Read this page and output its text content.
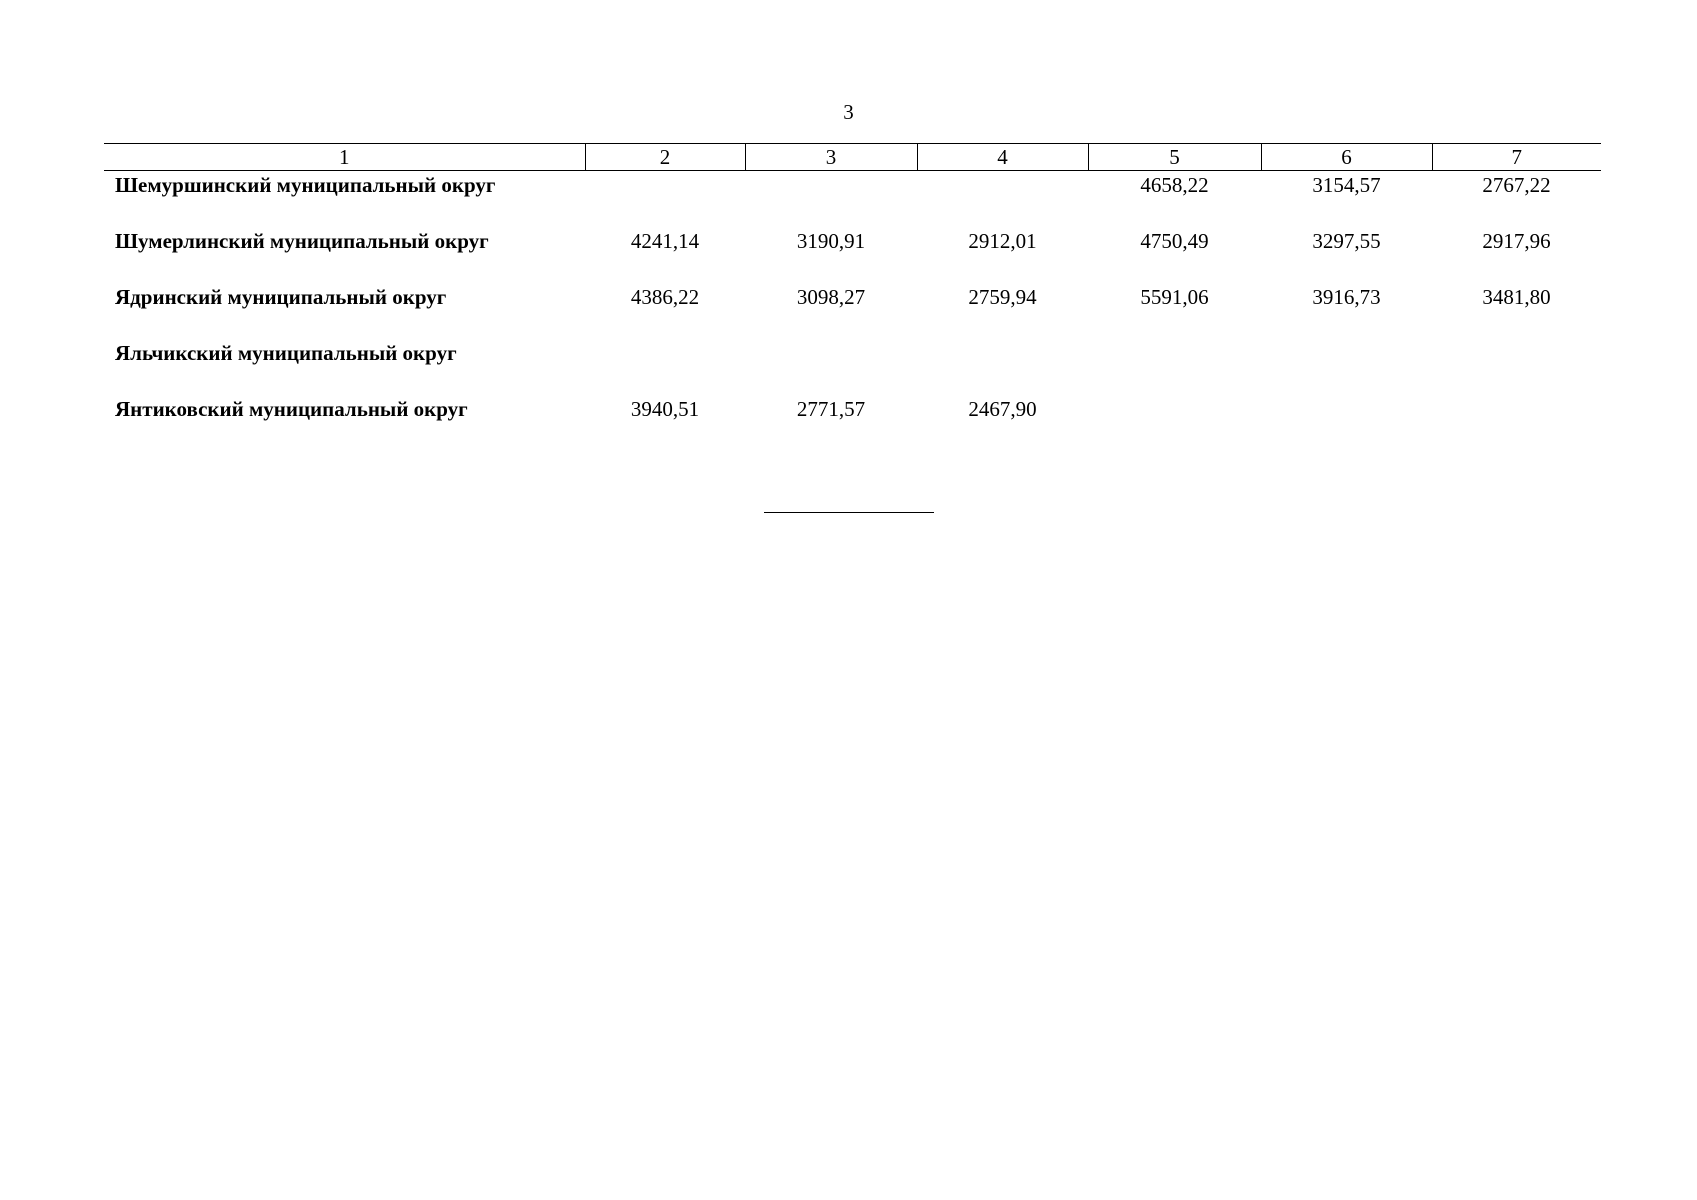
3
1	2	3	4	5	6	7
Шемуршинский муниципальный округ				4658,22	3154,57	2767,22
Шумерлинский муниципальный округ	4241,14	3190,91	2912,01	4750,49	3297,55	2917,96
Ядринский муниципальный округ	4386,22	3098,27	2759,94	5591,06	3916,73	3481,80
Яльчикский муниципальный округ						
Янтиковский муниципальный округ	3940,51	2771,57	2467,90			
